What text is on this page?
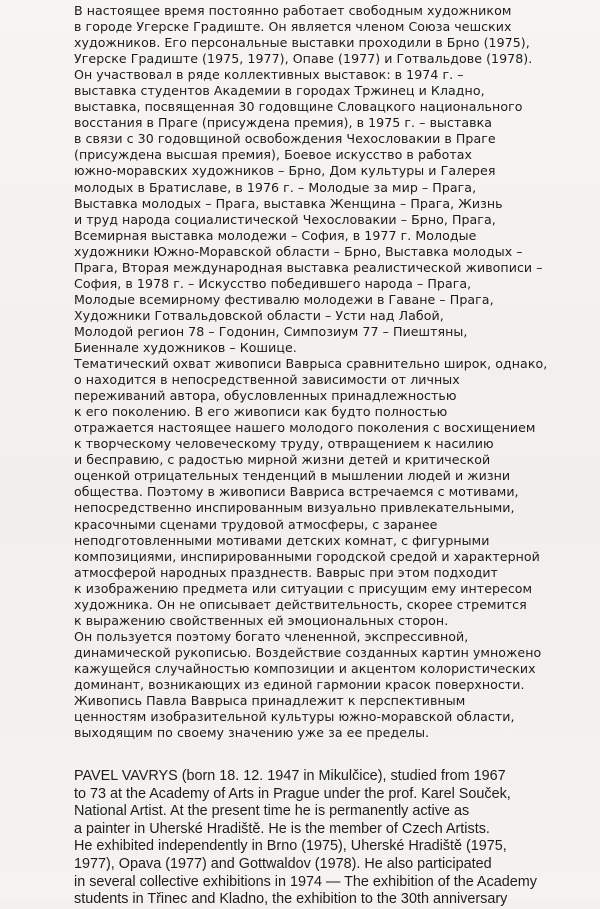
В настоящее время постоянно работает свободным художником
в городе Угерске Градиште. Он является членом Союза чешских
художников. Его персональные выставки проходили в Брно (1975),
Угерске Градиште (1975, 1977), Опаве (1977) и Готвальдове (1978).
Он участвовал в ряде коллективных выставок: в 1974 г. –
выставка студентов Академии в городах Тржинец и Кладно,
выставка, посвященная 30 годовщине Словацкого национального
восстания в Праге (присуждена премия), в 1975 г. – выставка
в связи с 30 годовщиной освобождения Чехословакии в Праге
(присуждена высшая премия), Боевое искусство в работах
южно-моравских художников – Брно, Дом культуры и Галерея
молодых в Братиславе, в 1976 г. – Молодые за мир – Прага,
Выставка молодых – Прага, выставка Женщина – Прага, Жизнь
и труд народа социалистической Чехословакии – Брно, Прага,
Всемирная выставка молодежи – София, в 1977 г. Молодые
художники Южно-Моравской области – Брно, Выставка молодых –
Прага, Вторая международная выставка реалистической живописи –
София, в 1978 г. – Искусство победившего народа – Прага,
Молодые всемирному фестивалю молодежи в Гаване – Прага,
Художники Готвальдовской области – Усти над Лабой,
Молодой регион 78 – Годонин, Симпозиум 77 – Пиештяны,
Биеннале художников – Кошице.
Тематический охват живописи Ваврыса сравнительно широк, однако,
о находится в непосредственной зависимости от личных
переживаний автора, обусловленных принадлежностью
к его поколению. В его живописи как будто полностью
отражается настоящее нашего молодого поколения с восхищением
к творческому человеческому труду, отвращением к насилию
и бесправию, с радостью мирной жизни детей и критической
оценкой отрицательных тенденций в мышлении людей и жизни
общества. Поэтому в живописи Вавриса встречаемся с мотивами,
непосредственно инспированным визуально привлекательными,
красочными сценами трудовой атмосферы, с заранее
неподготовленными мотивами детских комнат, с фигурными
композициями, инспирированными городской средой и характерной
атмосферой народных празднеств. Ваврыс при этом подходит
к изображению предмета или ситуации с присущим ему интересом
художника. Он не описывает действительность, скорее стремится
к выражению свойственных ей эмоциональных сторон.
Он пользуется поэтому богато члененной, экспрессивной,
динамической рукописью. Воздействие созданных картин умножено
кажущейся случайностью композиции и акцентом колористических
доминант, возникающих из единой гармонии красок поверхности.
Живопись Павла Ваврыса принадлежит к перспективным
ценностям изобразительной культуры южно-моравской области,
выходящим по своему значению уже за ее пределы.
PAVEL VAVRYS (born 18. 12. 1947 in Mikulčice), studied from 1967
to 73 at the Academy of Arts in Prague under the prof. Karel Souček,
National Artist. At the present time he is permanently active as
a painter in Uherské Hradiště. He is the member of Czech Artists.
He exhibited independently in Brno (1975), Uherské Hradiště (1975,
1977), Opava (1977) and Gottwaldov (1978). He also participated
in several collective exhibitions in 1974 — The exhibition of the Academy
students in Třinec and Kladno, the exhibition to the 30th anniversary
